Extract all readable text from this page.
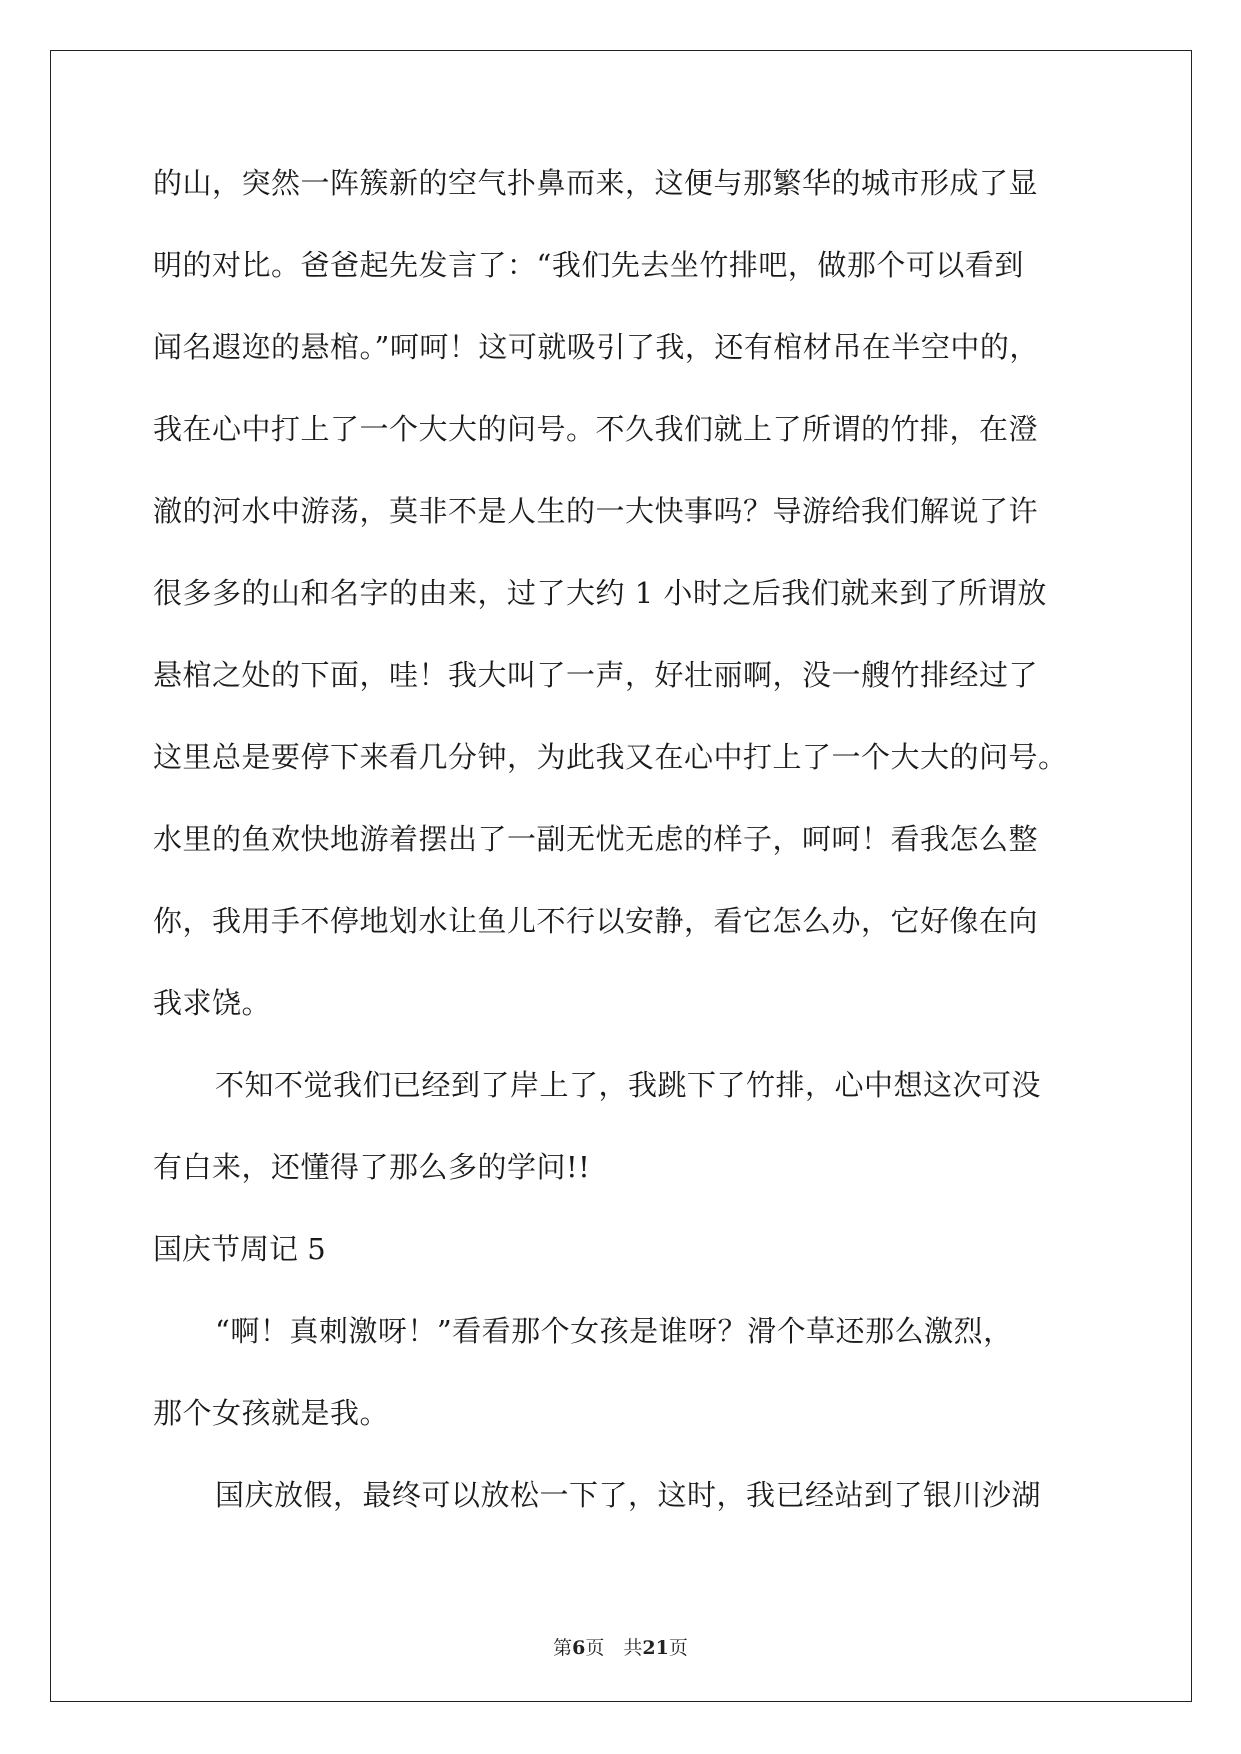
的山，突然一阵簇新的空气扑鼻而来，这便与那繁华的城市形成了显
明的对比。爸爸起先发言了：“我们先去坐竹排吧，做那个可以看到
闻名遐迩的悬棺。”呵呵！这可就吸引了我，还有棺材吊在半空中的，
我在心中打上了一个大大的问号。不久我们就上了所谓的竹排，在澄
澈的河水中游荡，莫非不是人生的一大快事吗？导游给我们解说了许
很多多的山和名字的由来，过了大约 1 小时之后我们就来到了所谓放
悬棺之处的下面，哇！我大叫了一声，好壮丽啊，没一艘竹排经过了
这里总是要停下来看几分钟，为此我又在心中打上了一个大大的问号。
水里的鱼欢快地游着摆出了一副无忧无虑的样子，呵呵！看我怎么整
你，我用手不停地划水让鱼儿不行以安静，看它怎么办，它好像在向
我求饶。
不知不觉我们已经到了岸上了，我跳下了竹排，心中想这次可没
有白来，还懂得了那么多的学问!!
国庆节周记 5
“啊！真刺激呀！”看看那个女孩是谁呀？滑个草还那么激烈，
那个女孩就是我。
国庆放假，最终可以放松一下了，这时，我已经站到了银川沙湖
第6页　共21页
